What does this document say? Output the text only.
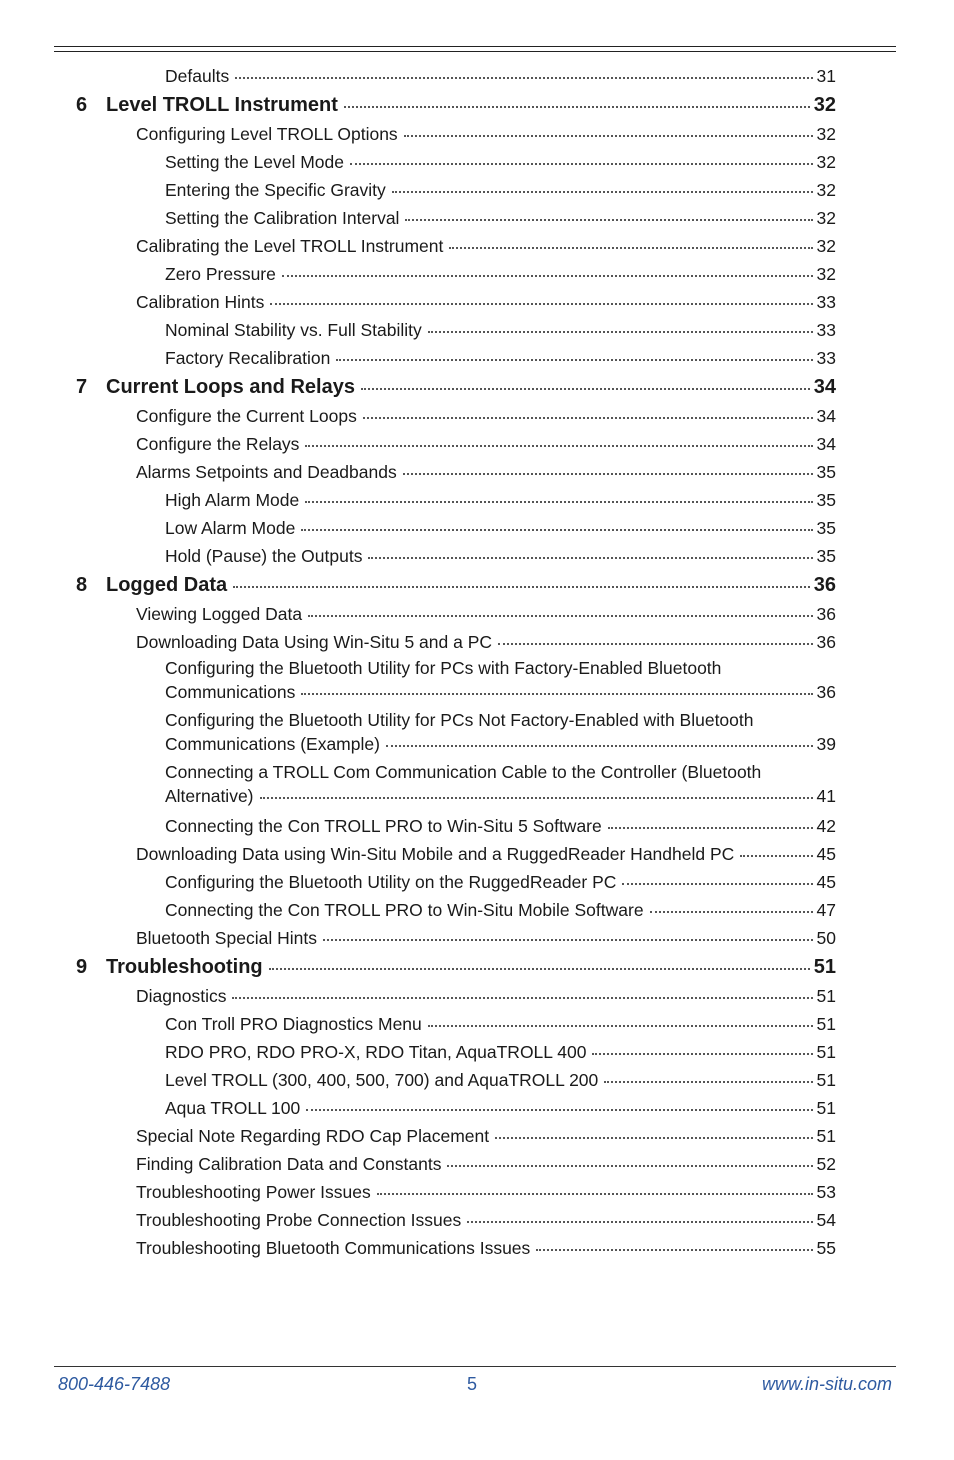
Defaults	31
6 Level TROLL Instrument	32
Configuring Level TROLL Options	32
Setting the Level Mode	32
Entering the Specific Gravity	32
Setting the Calibration Interval	32
Calibrating the Level TROLL Instrument	32
Zero Pressure	32
Calibration Hints	33
Nominal Stability vs. Full Stability	33
Factory Recalibration	33
7 Current Loops and Relays	34
Configure the Current Loops	34
Configure the Relays	34
Alarms Setpoints and Deadbands	35
High Alarm Mode	35
Low Alarm Mode	35
Hold (Pause) the Outputs	35
8 Logged Data	36
Viewing Logged Data	36
Downloading Data Using Win-Situ 5 and a PC	36
Configuring the Bluetooth Utility for PCs with Factory-Enabled Bluetooth
Communications	36
Configuring the Bluetooth Utility for PCs Not Factory-Enabled with Bluetooth
Communications (Example)	39
Connecting a TROLL Com Communication Cable to the Controller (Bluetooth
Alternative)	41
Connecting the Con TROLL PRO to Win-Situ 5 Software	42
Downloading Data using Win-Situ Mobile and a RuggedReader Handheld PC	45
Configuring the Bluetooth Utility on the RuggedReader PC	45
Connecting the Con TROLL PRO to Win-Situ Mobile Software	47
Bluetooth Special Hints	50
9 Troubleshooting	51
Diagnostics	51
Con Troll PRO Diagnostics Menu	51
RDO PRO, RDO PRO-X, RDO Titan, AquaTROLL 400	51
Level TROLL (300, 400, 500, 700) and AquaTROLL 200	51
Aqua TROLL 100	51
Special Note Regarding RDO Cap Placement	51
Finding Calibration Data and Constants	52
Troubleshooting Power Issues	53
Troubleshooting Probe Connection Issues	54
Troubleshooting Bluetooth Communications Issues	55
800-446-7488	5	www.in-situ.com
